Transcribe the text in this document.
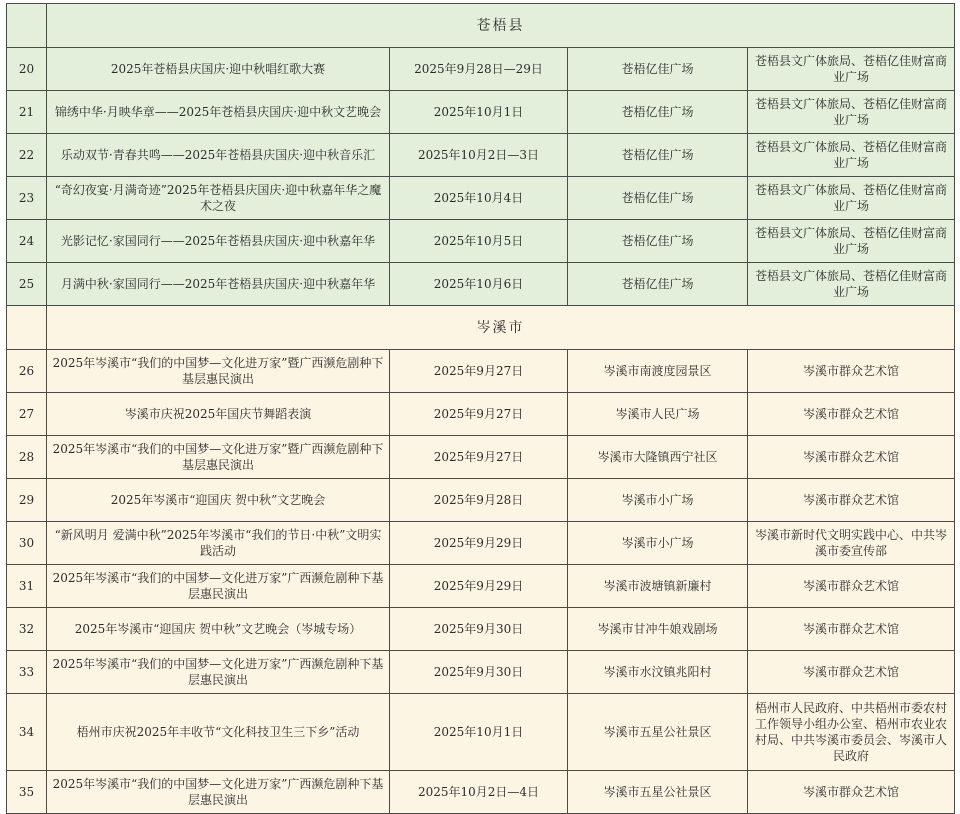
	苍梧县			
20	2025年苍梧县庆国庆·迎中秋唱红歌大赛	2025年9月28日—29日	苍梧亿佳广场	苍梧县文广体旅局、苍梧亿佳财富商业广场
21	锦绣中华·月映华章——2025年苍梧县庆国庆·迎中秋文艺晚会	2025年10月1日	苍梧亿佳广场	苍梧县文广体旅局、苍梧亿佳财富商业广场
22	乐动双节·青春共鸣——2025年苍梧县庆国庆·迎中秋音乐汇	2025年10月2日—3日	苍梧亿佳广场	苍梧县文广体旅局、苍梧亿佳财富商业广场
23	“奇幻夜宴·月满奇迹”2025年苍梧县庆国庆·迎中秋嘉年华之魔术之夜	2025年10月4日	苍梧亿佳广场	苍梧县文广体旅局、苍梧亿佳财富商业广场
24	光影记忆·家国同行——2025年苍梧县庆国庆·迎中秋嘉年华	2025年10月5日	苍梧亿佳广场	苍梧县文广体旅局、苍梧亿佳财富商业广场
25	月满中秋·家国同行——2025年苍梧县庆国庆·迎中秋嘉年华	2025年10月6日	苍梧亿佳广场	苍梧县文广体旅局、苍梧亿佳财富商业广场
	岑溪市			
26	2025年岑溪市“我们的中国梦—文化进万家”暨广西濒危剧种下基层惠民演出	2025年9月27日	岑溪市南渡度园景区	岑溪市群众艺术馆
27	岑溪市庆祝2025年国庆节舞蹈表演	2025年9月27日	岑溪市人民广场	岑溪市群众艺术馆
28	2025年岑溪市“我们的中国梦—文化进万家”暨广西濒危剧种下基层惠民演出	2025年9月27日	岑溪市大隆镇西宁社区	岑溪市群众艺术馆
29	2025年岑溪市“迎国庆 贺中秋”文艺晚会	2025年9月28日	岑溪市小广场	岑溪市群众艺术馆
30	“新风明月 爱满中秋”2025年岑溪市“我们的节日·中秋”文明实践活动	2025年9月29日	岑溪市小广场	岑溪市新时代文明实践中心、中共岑溪市委宣传部
31	2025年岑溪市“我们的中国梦—文化进万家”广西濒危剧种下基层惠民演出	2025年9月29日	岑溪市波塘镇新廉村	岑溪市群众艺术馆
32	2025年岑溪市“迎国庆 贺中秋”文艺晚会（岑城专场）	2025年9月30日	岑溪市甘冲牛娘戏剧场	岑溪市群众艺术馆
33	2025年岑溪市“我们的中国梦—文化进万家”广西濒危剧种下基层惠民演出	2025年9月30日	岑溪市水汶镇兆阳村	岑溪市群众艺术馆
34	梧州市庆祝2025年丰收节“文化科技卫生三下乡”活动	2025年10月1日	岑溪市五星公社景区	梧州市人民政府、中共梧州市委农村工作领导小组办公室、梧州市农业农村局、中共岑溪市委员会、岑溪市人民政府
35	2025年岑溪市“我们的中国梦—文化进万家”广西濒危剧种下基层惠民演出	2025年10月2日—4日	岑溪市五星公社景区	岑溪市群众艺术馆
